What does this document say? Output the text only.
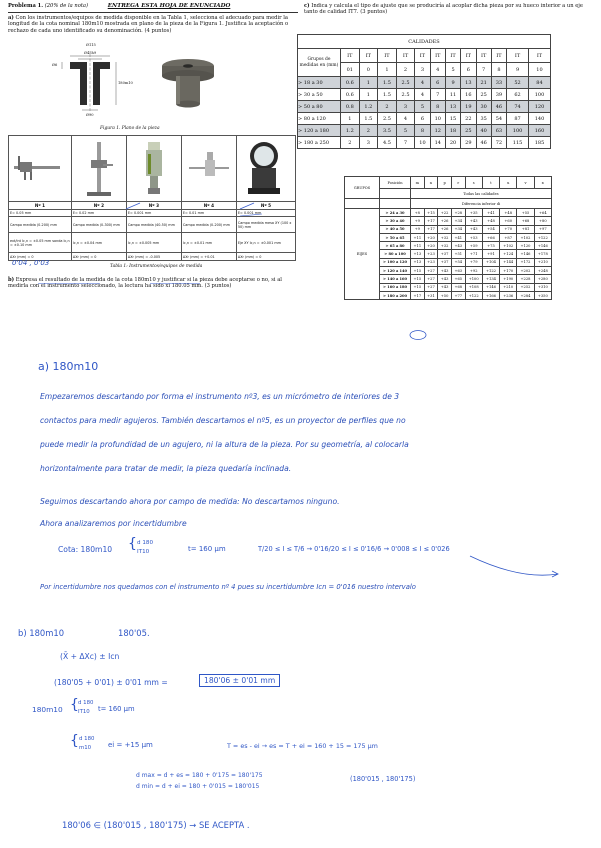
Problema 1. (20% de la nota)	ENTREGA ESTA HOJA DE ENUNCIADO
a) Con los instrumentos/equipos de medida disponible en la Tabla 1, selecciona el adecuado para medir la longitud de la cota nominal 180m10 mostrada en plano de la pieza de la Figura 1. Justifica la aceptación o rechazo de cada uno identificado su denominación. (4 puntos)
Ø115
Ø45h9
Ø6
180m10
Ø90
Figura 1. Plano de la pieza

Nº 1	Nº 2	Nº 3	Nº 4	Nº 5
E= 0.05 mm	E= 0.02 mm	E= 0.001 mm	E= 0.01 mm	E= 0.001 mm
Campo medida (0-200) mm	Campo medida (0-300) mm	Campo medida (40-50) mm	Campo medida (0-200) mm	Campo medida mesa XY (100 x 50) mm
ext/int Ic,n = ±0.05 mm sonda Ic,n = ±0.10 mm	Ic,n = ±0.04 mm	Ic,n = ±0.005 mm	Ic,n = ±0.01 mm	Eje XY Ic,n = ±0.001 mm
ΔXr (mm) = 0	ΔXr (mm) = 0	ΔXr (mm) = -0.005	ΔXr (mm) = +0.01	ΔXr (mm) = 0
0'04 , 0'03	Tabla 1: Instrumentos/equipos de medida
b) Expresa el resultado de la medida de la cota 180m10 y justificar si la pieza debe aceptarse o no, si al medirla con el instrumento seleccionado, la lectura ha sido xi 180.05 mm. (3 puntos)
c) Indica y calcula el tipo de ajuste que se produciría al acoplar dicha pieza por su hueco interior a un eje tanto de calidad IT7. (3 puntos)
CALIDADES												
Grupos de medidas en (mm)	IT	IT	IT	IT	IT	IT	IT	IT	IT	IT	IT	IT
	01	0	1	2	3	4	5	6	7	8	9	10
> 18 a 30	0.6	1	1.5	2.5	4	6	9	13	21	33	52	84
> 30 a 50	0.6	1	1.5	2.5	4	7	11	16	25	39	62	100
> 50 a 80	0.8	1.2	2	3	5	8	13	19	30	46	74	120
> 80 a 120	1	1.5	2.5	4	6	10	15	22	35	54	87	140
> 120 a 180	1.2	2	3.5	5	8	12	18	25	40	63	100	160
> 180 a 250	2	3	4.5	7	10	14	20	29	46	72	115	185
GRUPOS	Posición	m	n	p	r	s	t	u	v	x
		Todas las calidades								
		Diferencia inferior di								
EIJES	> 24 a 30	+8	+15	+22	+28	+35	+41	+48	+55	+64
	> 30 a 40	+9	+17	+26	+34	+43	+48	+60	+68	+80
	> 40 a 50	+9	+17	+26	+34	+43	+54	+70	+81	+97
	> 50 a 65	+11	+20	+32	+41	+53	+66	+87	+102	+122
	> 65 a 80	+11	+20	+32	+43	+59	+75	+102	+120	+146
	> 80 a 100	+13	+23	+37	+51	+71	+91	+124	+146	+178
	> 100 a 120	+13	+23	+37	+54	+79	+104	+144	+172	+210
	> 120 a 140	+15	+27	+43	+63	+92	+122	+170	+202	+248
	> 140 a 160	+15	+27	+43	+65	+100	+134	+190	+228	+280
	> 160 a 180	+15	+27	+43	+68	+108	+146	+210	+252	+310
	> 180 a 200	+17	+31	+50	+77	+122	+166	+236	+284	+350
a) 180m10
Empezaremos descartando por forma el instrumento nº3, es un micrómetro de interiores de 3
contactos para medir agujeros. También descartamos el nº5, es un proyector de perfiles que no
puede medir la profundidad de un agujero, ni la altura de la pieza. Por su geometría, al colocarla
horizontalmente para tratar de medir, la pieza quedaría inclinada.
Seguimos descartando ahora por campo de medida: No descartamos ninguno.
Ahora analizaremos por incertidumbre
Cota: 180m10 { d 180
IT10	t= 160 µm	T/20 ≤ I ≤ T/6 → 0'16/20 ≤ I ≤ 0'16/6 → 0'008 ≤ I ≤ 0'026
Por incertidumbre nos quedamos con el instrumento nº 4 pues su incertidumbre Icn = 0'016 nuestro intervalo
b) 180m10	180'05.
(X̄ + ΔXc) ± Icn
(180'05 + 0'01) ± 0'01 mm =	180'06 ± 0'01 mm
180m10 { d 180
IT10 t= 160 µm
{ d 180
m10 ei = +15 µm	T = es - ei → es = T + ei = 160 + 15 = 175 µm
d max = d + es = 180 + 0'175 = 180'175
d min = d + ei = 180 + 0'015 = 180'015
(180'015 , 180'175)
180'06 ∈ (180'015 , 180'175) → SE ACEPTA .
